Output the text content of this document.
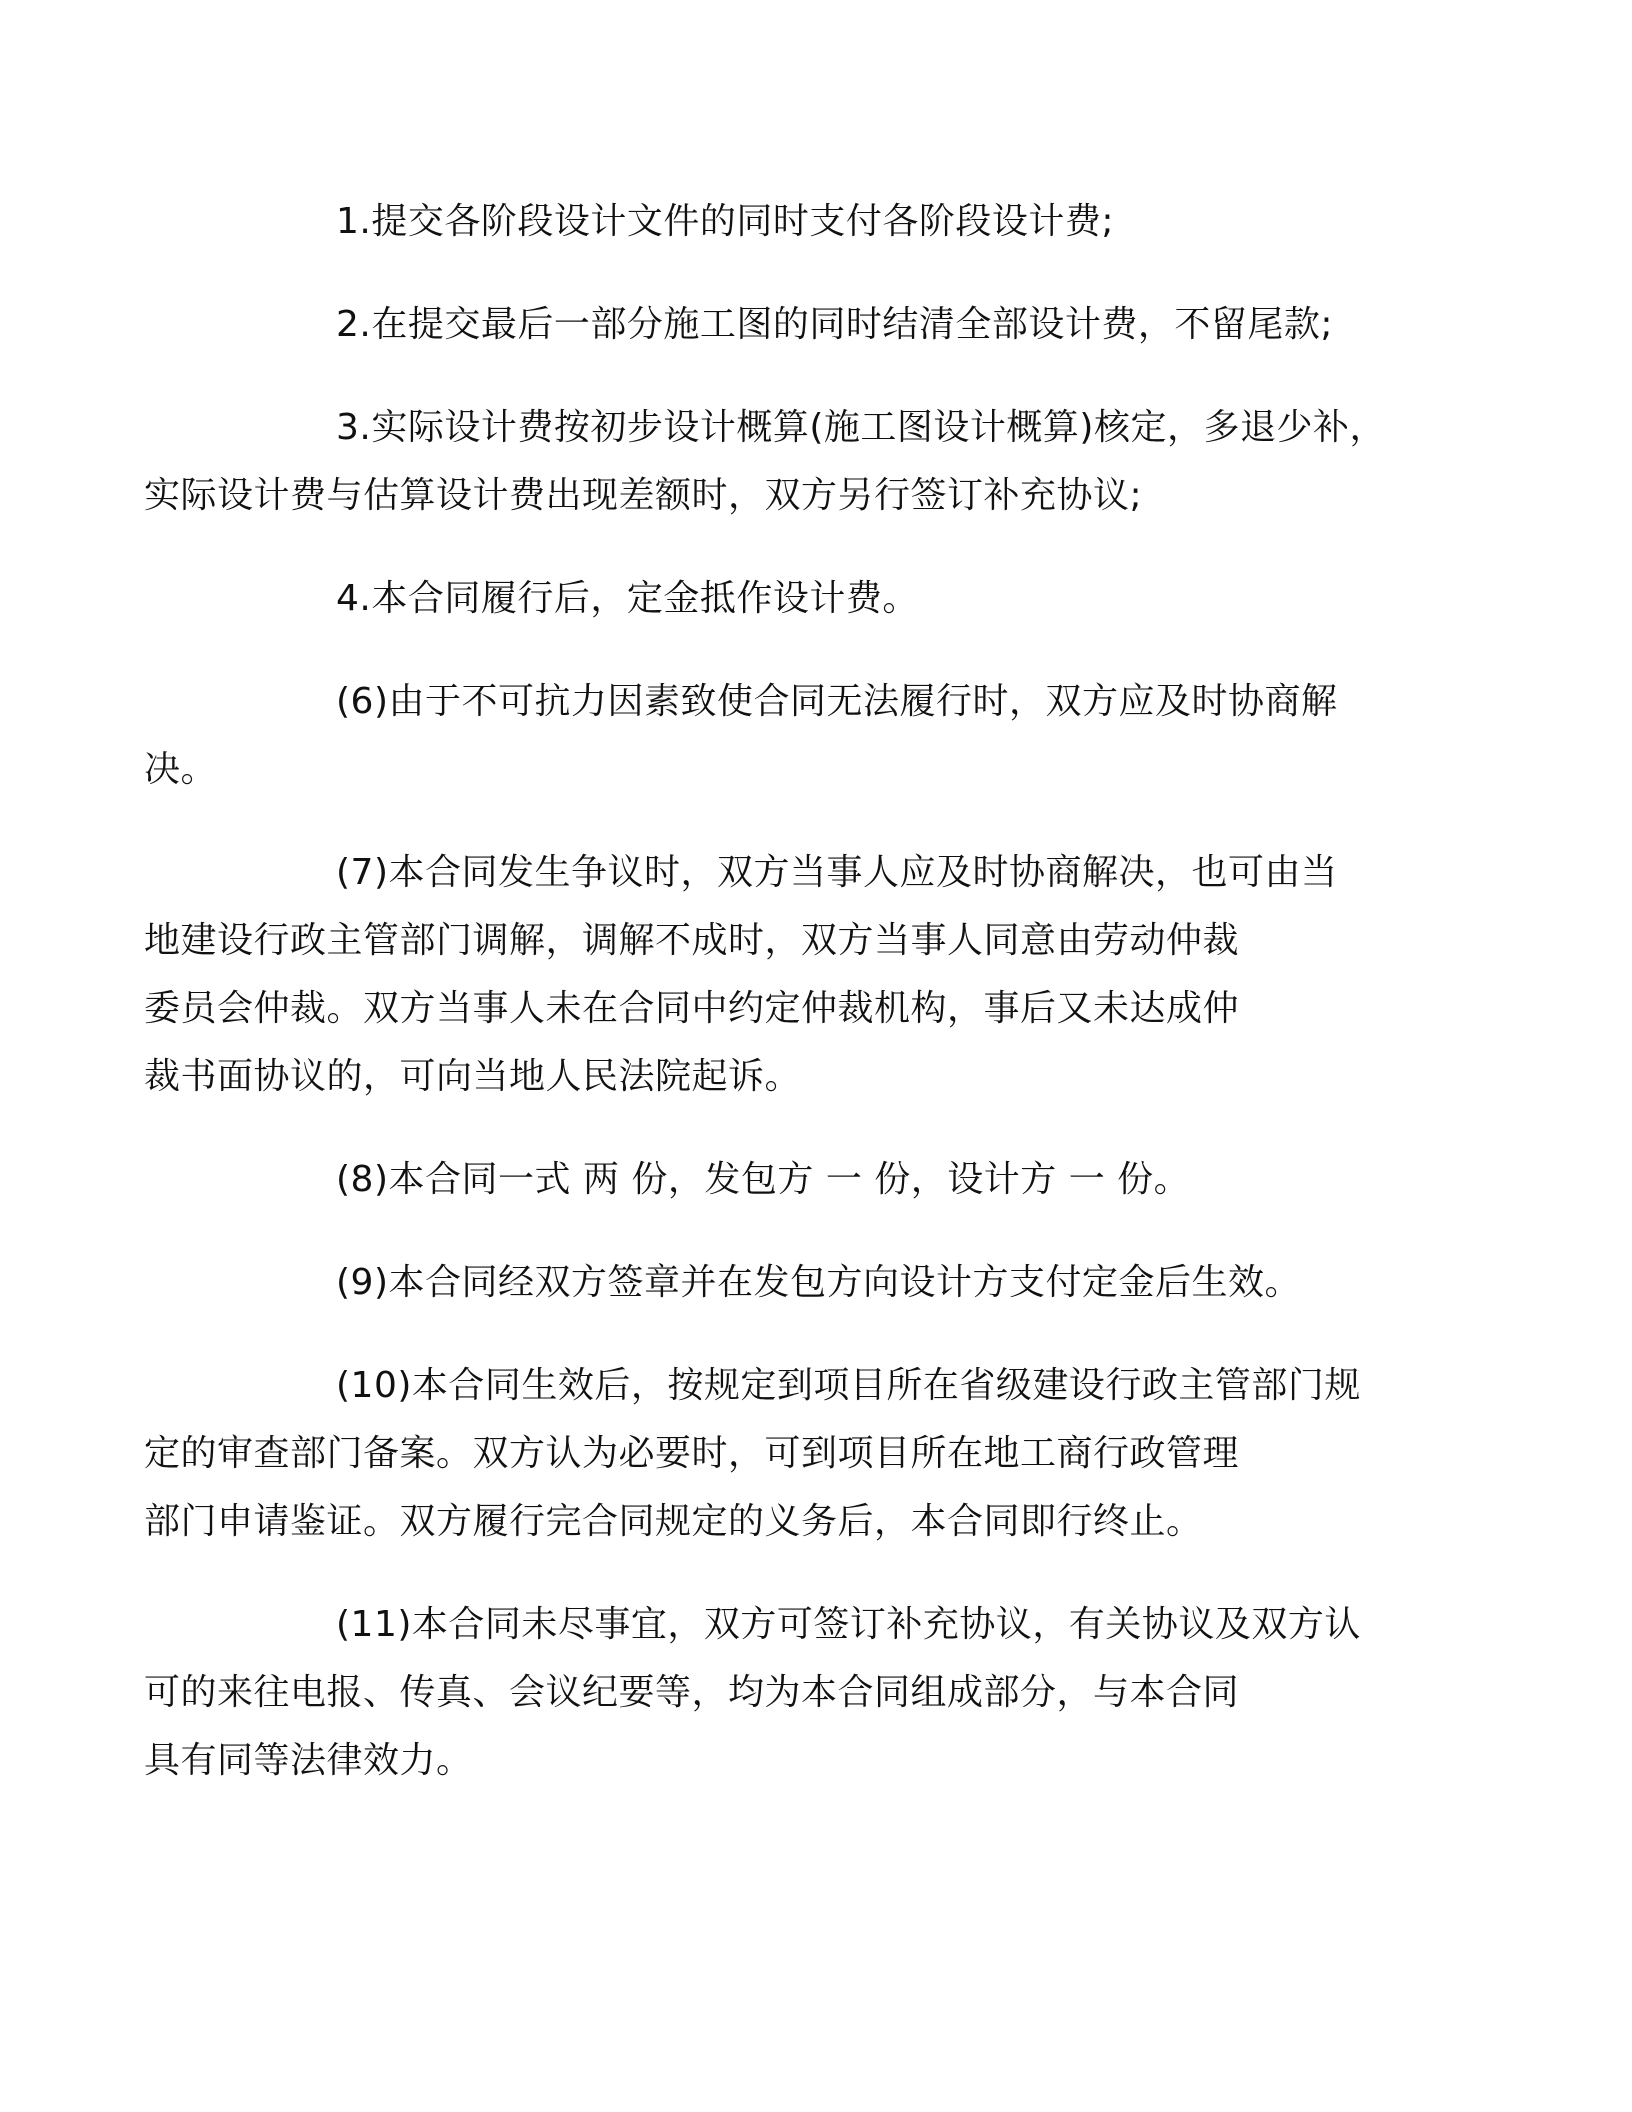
1.提交各阶段设计文件的同时支付各阶段设计费;

2.在提交最后一部分施工图的同时结清全部设计费，不留尾款;

3.实际设计费按初步设计概算(施工图设计概算)核定，多退少补，
实际设计费与估算设计费出现差额时，双方另行签订补充协议;

4.本合同履行后，定金抵作设计费。

(6)由于不可抗力因素致使合同无法履行时，双方应及时协商解
决。

(7)本合同发生争议时，双方当事人应及时协商解决，也可由当
地建设行政主管部门调解，调解不成时，双方当事人同意由劳动仲裁
委员会仲裁。双方当事人未在合同中约定仲裁机构，事后又未达成仲
裁书面协议的，可向当地人民法院起诉。

(8)本合同一式 两 份，发包方 一 份，设计方 一 份。

(9)本合同经双方签章并在发包方向设计方支付定金后生效。

(10)本合同生效后，按规定到项目所在省级建设行政主管部门规
定的审查部门备案。双方认为必要时，可到项目所在地工商行政管理
部门申请鉴证。双方履行完合同规定的义务后，本合同即行终止。

(11)本合同未尽事宜，双方可签订补充协议，有关协议及双方认
可的来往电报、传真、会议纪要等，均为本合同组成部分，与本合同
具有同等法律效力。
